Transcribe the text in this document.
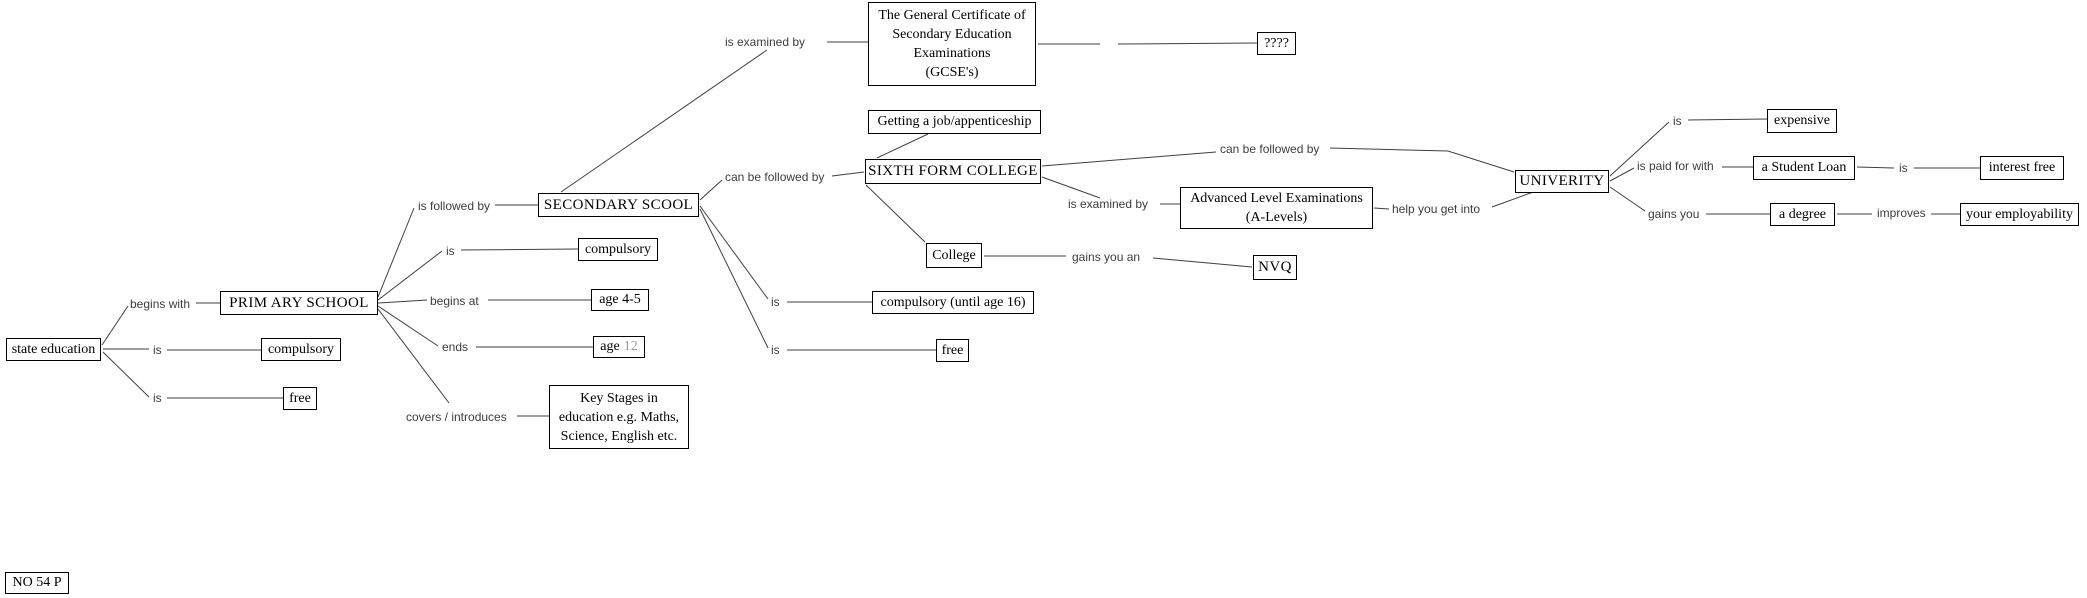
state education	compulsory
free
PRIM ARY SCHOOL
SECONDARY SCOOL
compulsory
age 4-5
age 12
Key Stages in
education e.g. Maths,
Science, English etc.
The General Certificate of
Secondary Education
Examinations
(GCSE's)
????
Getting a job/appenticeship
SIXTH FORM COLLEGE
College
NVQ
compulsory (until age 16)
free
Advanced Level Examinations
(A-Levels)
UNIVERITY
expensive
a Student Loan	interest free
a degree	your employability
NO 54 P
begins with
is
is
is followed by
is
begins at
ends
covers / introduces
is examined by
can be followed by
is
is
gains you an
is examined by
can be followed by
help you get into
is
is paid for with	is
gains you	improves
